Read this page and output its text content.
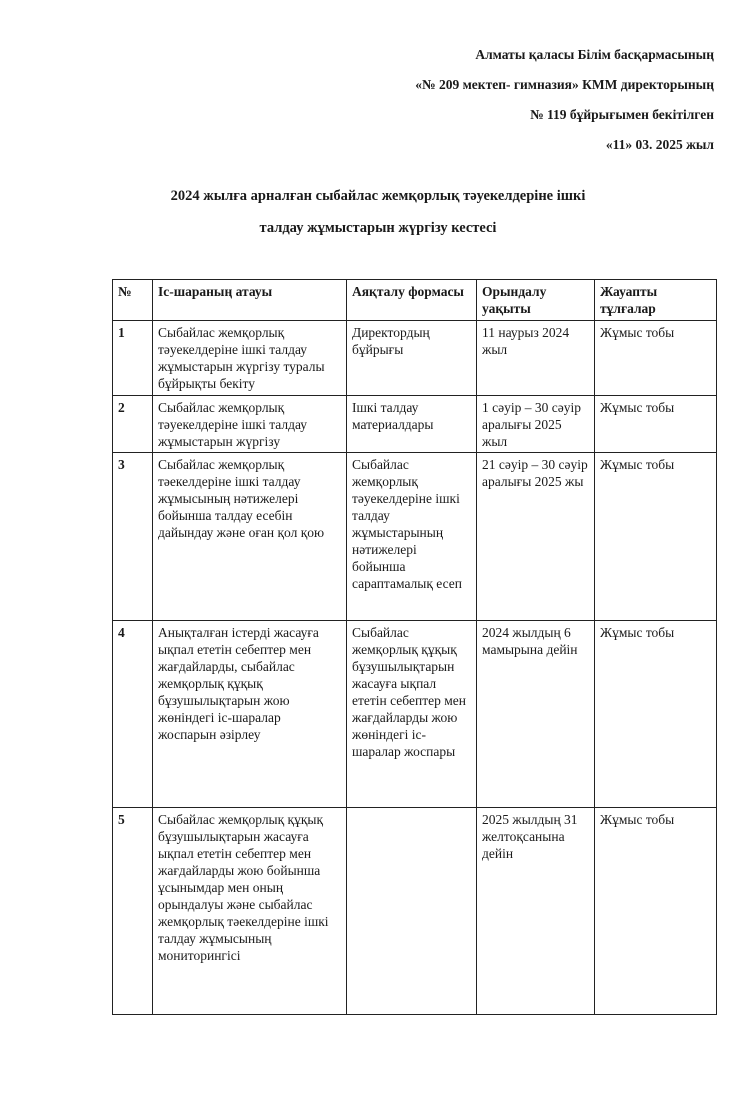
Алматы қаласы Білім басқармасының
«№ 209 мектеп- гимназия» КММ директорының
№ 119 бұйрығымен бекітілген
«11» 03. 2025 жыл
2024 жылға арналған сыбайлас жемқорлық тәуекелдеріне ішкі
талдау жұмыстарын жүргізу кестесі
№	Іс-шараның атауы	Аяқталу формасы	Орындалу уақыты	Жауапты тұлғалар
1	Сыбайлас жемқорлық тәуекелдеріне ішкі талдау жұмыстарын жүргізу туралы бұйрықты бекіту	Директордың бұйрығы	11 наурыз 2024 жыл	Жұмыс тобы
2	Сыбайлас жемқорлық тәуекелдеріне ішкі талдау жұмыстарын жүргізу	Ішкі талдау материалдары	1 сәуір – 30 сәуір аралығы 2025 жыл	Жұмыс тобы
3	Сыбайлас жемқорлық тәекелдеріне ішкі талдау жұмысының нәтижелері бойынша талдау есебін дайындау және оған қол қою	Сыбайлас жемқорлық тәуекелдеріне ішкі талдау жұмыстарының нәтижелері бойынша сараптамалық есеп	21 сәуір – 30 сәуір аралығы 2025 жы	Жұмыс тобы
4	Анықталған істерді жасауға ықпал ететін себептер мен жағдайларды, сыбайлас жемқорлық құқық бұзушылықтарын жою жөніндегі іс-шаралар жоспарын әзірлеу	Сыбайлас жемқорлық құқық бұзушылықтарын жасауға ықпал ететін себептер мен жағдайларды жою жөніндегі іс-шаралар жоспары	2024 жылдың 6 мамырына дейін	Жұмыс тобы
5	Сыбайлас жемқорлық құқық бұзушылықтарын жасауға ықпал ететін себептер мен жағдайларды жою бойынша ұсынымдар мен оның орындалуы және сыбайлас жемқорлық тәекелдеріне ішкі талдау жұмысының мониторингісі		2025 жылдың 31 желтоқсанына дейін	Жұмыс тобы
